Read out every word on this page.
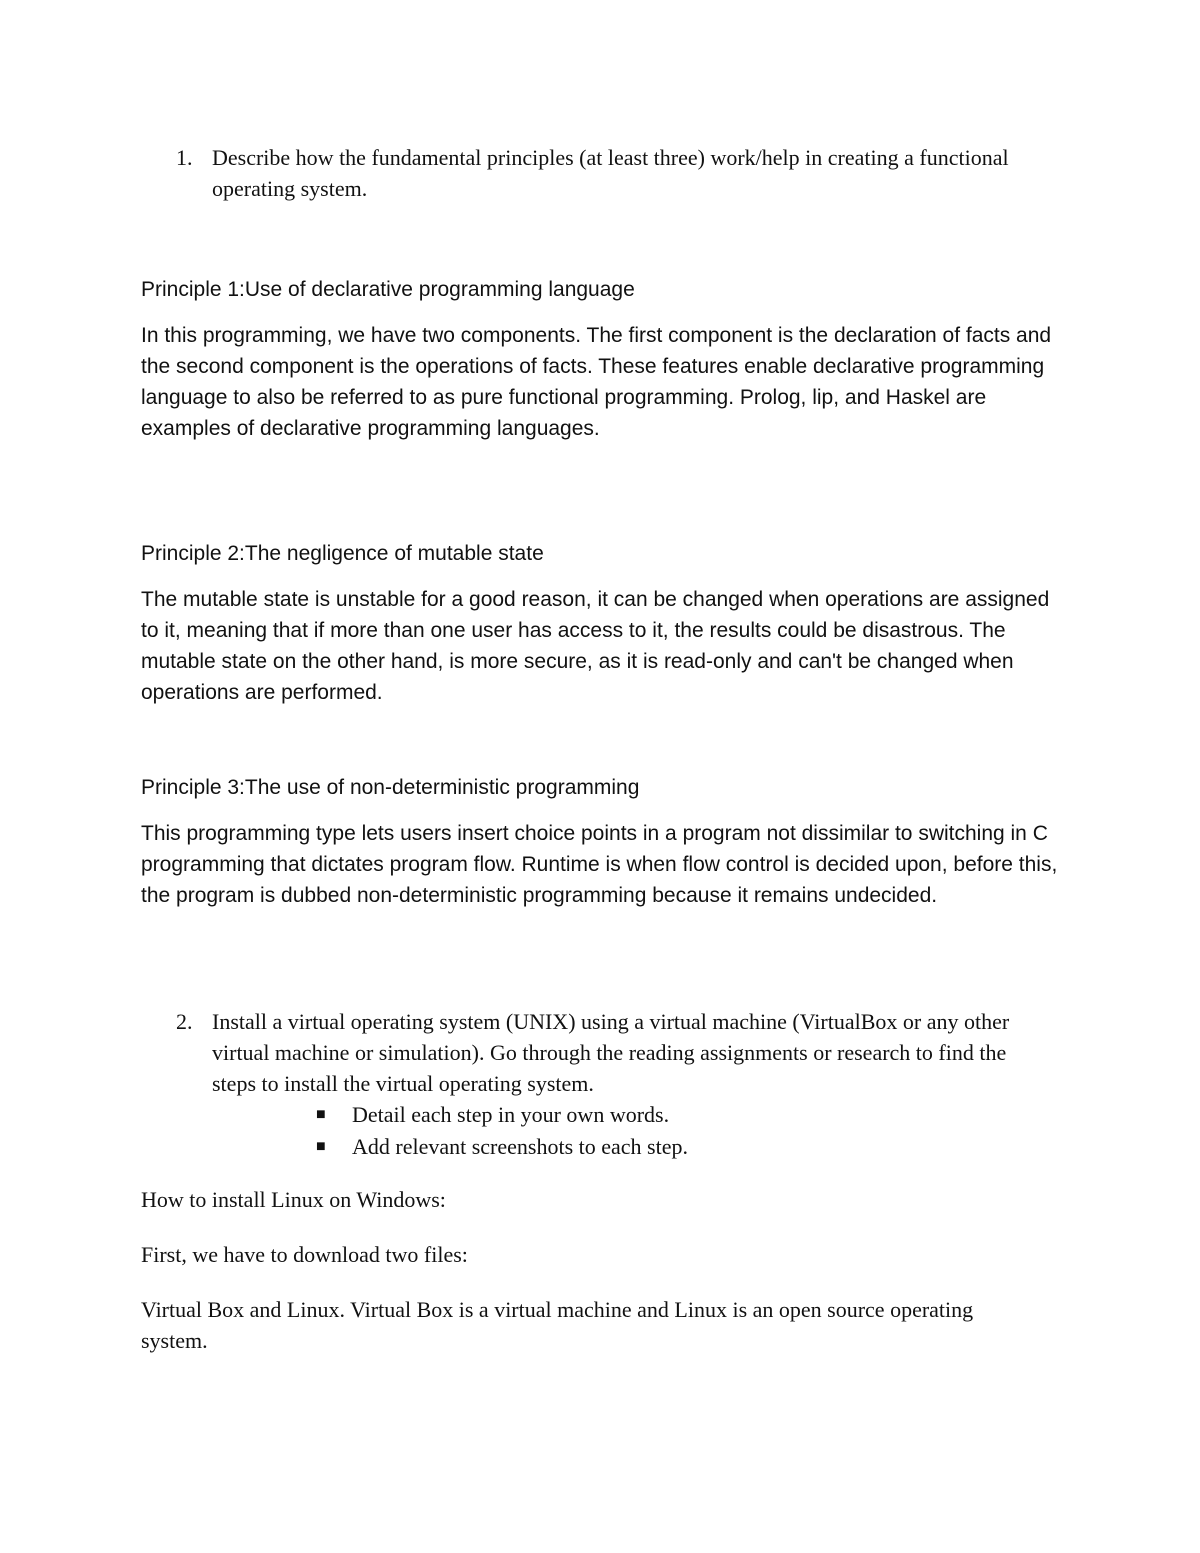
1. Describe how the fundamental principles (at least three) work/help in creating a functional operating system.

Principle 1:Use of declarative programming language

In this programming, we have two components. The first component is the declaration of facts and the second component is the operations of facts. These features enable declarative programming language to also be referred to as pure functional programming. Prolog, lip, and Haskel are examples of declarative programming languages.

Principle 2:The negligence of mutable state

The mutable state is unstable for a good reason, it can be changed when operations are assigned to it, meaning that if more than one user has access to it, the results could be disastrous. The mutable state on the other hand, is more secure, as it is read-only and can't be changed when operations are performed.

Principle 3:The use of non-deterministic programming

This programming type lets users insert choice points in a program not dissimilar to switching in C programming that dictates program flow. Runtime is when flow control is decided upon, before this, the program is dubbed non-deterministic programming because it remains undecided.

2. Install a virtual operating system (UNIX) using a virtual machine (VirtualBox or any other virtual machine or simulation). Go through the reading assignments or research to find the steps to install the virtual operating system.

■ Detail each step in your own words.
■ Add relevant screenshots to each step.

How to install Linux on Windows:

First, we have to download two files:

Virtual Box and Linux. Virtual Box is a virtual machine and Linux is an open source operating system.
